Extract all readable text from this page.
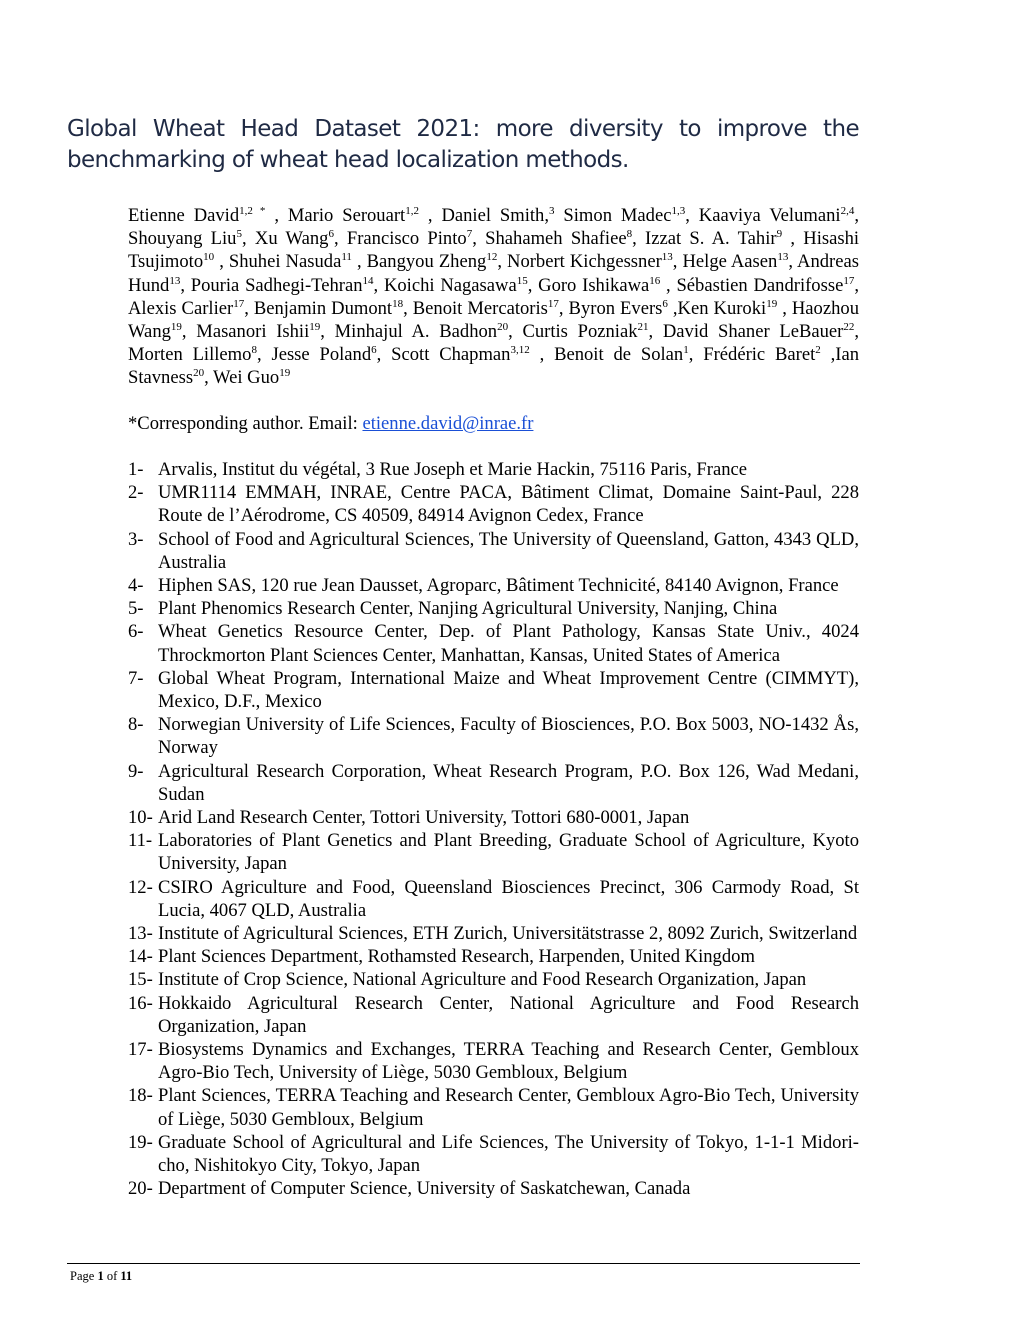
Global Wheat Head Dataset 2021: more diversity to improve the benchmarking of wheat head localization methods.

Etienne David$^{1,2 *}$ , Mario Serouart$^{1,2}$ , Daniel Smith,$^3$ Simon Madec$^{1,3}$, Kaaviya Velumani$^{2,4}$, Shouyang Liu$^5$, Xu Wang$^6$, Francisco Pinto$^7$, Shahameh Shafiee$^8$, Izzat S. A. Tahir$^9$ , Hisashi Tsujimoto$^{10}$ , Shuhei Nasuda$^{11}$ , Bangyou Zheng$^{12}$, Norbert Kichgessner$^{13}$, Helge Aasen$^{13}$, Andreas Hund$^{13}$, Pouria Sadhegi-Tehran$^{14}$, Koichi Nagasawa$^{15}$, Goro Ishikawa$^{16}$ , Sébastien Dandrifosse$^{17}$, Alexis Carlier$^{17}$, Benjamin Dumont$^{18}$, Benoit Mercatoris$^{17}$, Byron Evers$^6$ ,Ken Kuroki$^{19}$ , Haozhou Wang$^{19}$, Masanori Ishii$^{19}$, Minhajul A. Badhon$^{20}$, Curtis Pozniak$^{21}$, David Shaner LeBauer$^{22}$, Morten Lillemo$^8$, Jesse Poland$^6$, Scott Chapman$^{3,12}$ , Benoit de Solan$^1$, Frédéric Baret$^2$ ,Ian Stavness$^{20}$, Wei Guo$^{19}$

*Corresponding author. Email: etienne.david@inrae.fr

1- Arvalis, Institut du végétal, 3 Rue Joseph et Marie Hackin, 75116 Paris, France
2- UMR1114 EMMAH, INRAE, Centre PACA, Bâtiment Climat, Domaine Saint-Paul, 228 Route de l’Aérodrome, CS 40509, 84914 Avignon Cedex, France
3- School of Food and Agricultural Sciences, The University of Queensland, Gatton, 4343 QLD, Australia
4- Hiphen SAS, 120 rue Jean Dausset, Agroparc, Bâtiment Technicité, 84140 Avignon, France
5- Plant Phenomics Research Center, Nanjing Agricultural University, Nanjing, China
6- Wheat Genetics Resource Center, Dep. of Plant Pathology, Kansas State Univ., 4024 Throckmorton Plant Sciences Center, Manhattan, Kansas, United States of America
7- Global Wheat Program, International Maize and Wheat Improvement Centre (CIMMYT), Mexico, D.F., Mexico
8- Norwegian University of Life Sciences, Faculty of Biosciences, P.O. Box 5003, NO-1432 Ås, Norway
9- Agricultural Research Corporation, Wheat Research Program, P.O. Box 126, Wad Medani, Sudan
10- Arid Land Research Center, Tottori University, Tottori 680-0001, Japan
11- Laboratories of Plant Genetics and Plant Breeding, Graduate School of Agriculture, Kyoto University, Japan
12- CSIRO Agriculture and Food, Queensland Biosciences Precinct, 306 Carmody Road, St Lucia, 4067 QLD, Australia
13- Institute of Agricultural Sciences, ETH Zurich, Universitätstrasse 2, 8092 Zurich, Switzerland
14- Plant Sciences Department, Rothamsted Research, Harpenden, United Kingdom
15- Institute of Crop Science, National Agriculture and Food Research Organization, Japan
16- Hokkaido Agricultural Research Center, National Agriculture and Food Research Organization, Japan
17- Biosystems Dynamics and Exchanges, TERRA Teaching and Research Center, Gembloux Agro-Bio Tech, University of Liège, 5030 Gembloux, Belgium
18- Plant Sciences, TERRA Teaching and Research Center, Gembloux Agro-Bio Tech, University of Liège, 5030 Gembloux, Belgium
19- Graduate School of Agricultural and Life Sciences, The University of Tokyo, 1-1-1 Midori-cho, Nishitokyo City, Tokyo, Japan
20- Department of Computer Science, University of Saskatchewan, Canada
Page 1 of 11
